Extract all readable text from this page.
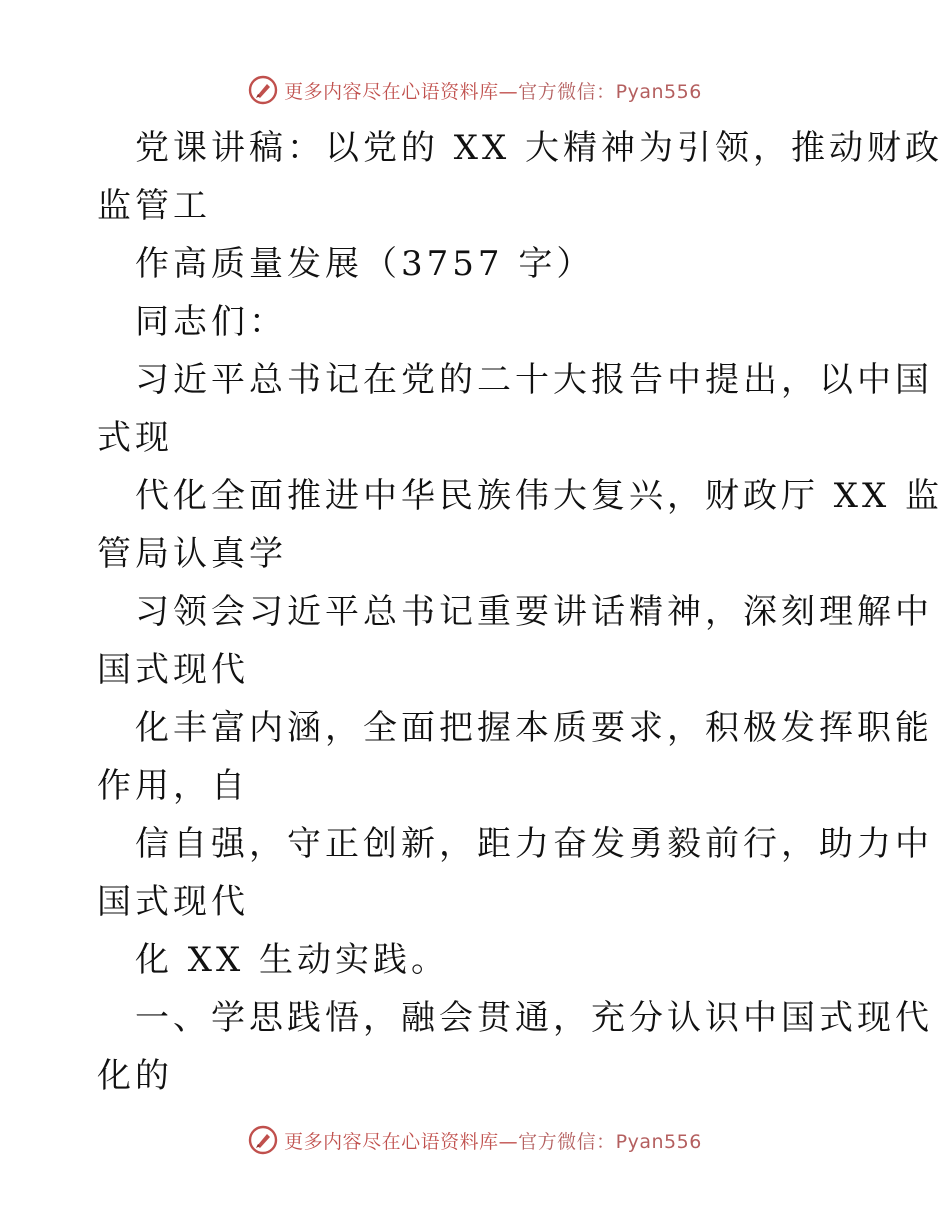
更多内容尽在心语资料库—官方微信：Pyan556
党课讲稿：以党的 XX 大精神为引领，推动财政
监管工
作高质量发展（3757 字）
同志们：
习近平总书记在党的二十大报告中提出，以中国
式现
代化全面推进中华民族伟大复兴，财政厅 XX 监
管局认真学
习领会习近平总书记重要讲话精神，深刻理解中
国式现代
化丰富内涵，全面把握本质要求，积极发挥职能
作用，自
信自强，守正创新，距力奋发勇毅前行，助力中
国式现代
化 XX 生动实践。
一、学思践悟，融会贯通，充分认识中国式现代
化的
更多内容尽在心语资料库—官方微信：Pyan556
